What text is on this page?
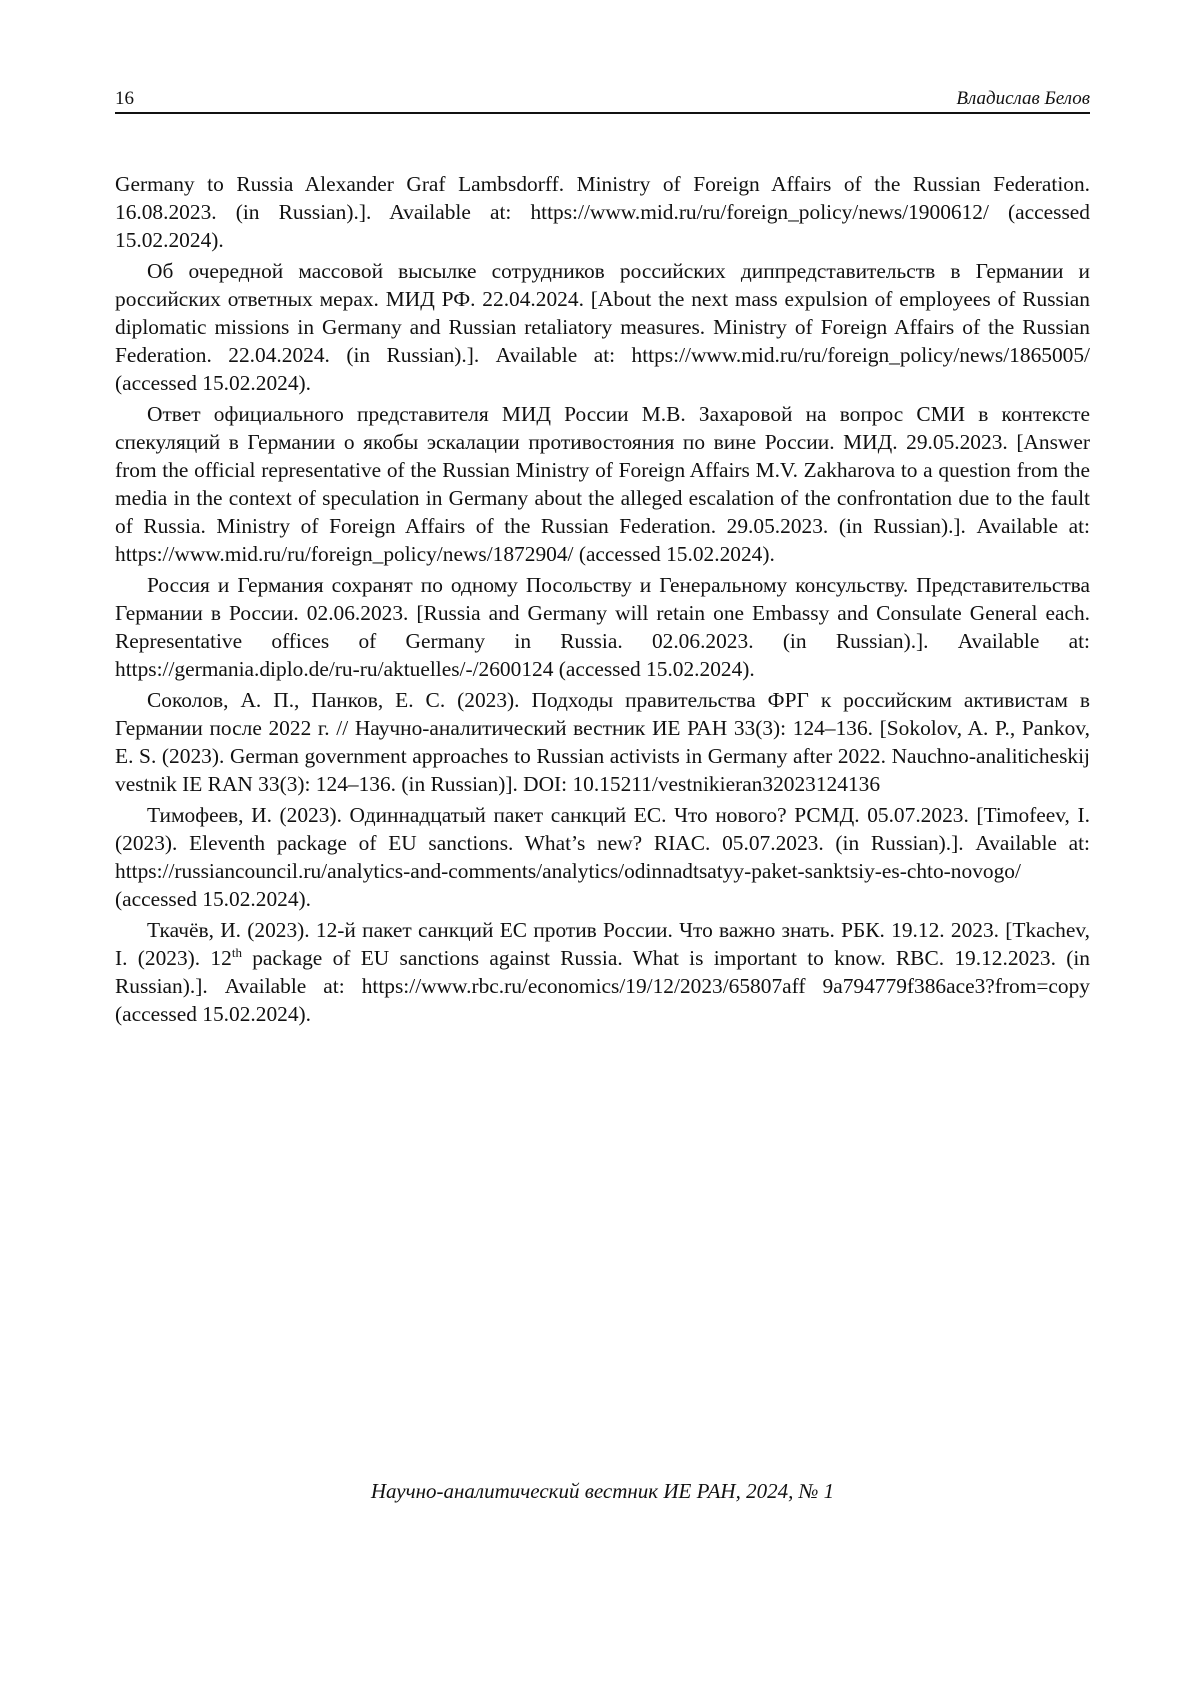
16	Владислав Белов

Germany to Russia Alexander Graf Lambsdorff. Ministry of Foreign Affairs of the Russian Federation. 16.08.2023. (in Russian).]. Available at: https://www.mid.ru/ru/foreign_policy/news/1900612/ (accessed 15.02.2024).

Об очередной массовой высылке сотрудников российских диппредставительств в Германии и российских ответных мерах. МИД РФ. 22.04.2024. [About the next mass expulsion of employees of Russian diplomatic missions in Germany and Russian retaliatory measures. Ministry of Foreign Affairs of the Russian Federation. 22.04.2024. (in Russian).]. Available at: https://www.mid.ru/ru/foreign_policy/news/1865005/ (accessed 15.02.2024).

Ответ официального представителя МИД России М.В. Захаровой на вопрос СМИ в контексте спекуляций в Германии о якобы эскалации противостояния по вине России. МИД. 29.05.2023. [Answer from the official representative of the Russian Ministry of Foreign Affairs M.V. Zakharova to a question from the media in the context of speculation in Germany about the alleged escalation of the confrontation due to the fault of Russia. Ministry of Foreign Affairs of the Russian Federation. 29.05.2023. (in Russian).]. Available at: https://www.mid.ru/ru/foreign_policy/news/1872904/ (accessed 15.02.2024).

Россия и Германия сохранят по одному Посольству и Генеральному консульству. Представительства Германии в России. 02.06.2023. [Russia and Germany will retain one Embassy and Consulate General each. Representative offices of Germany in Russia. 02.06.2023. (in Russian).]. Available at: https://germania.diplo.de/ru-ru/aktuelles/-/2600124 (accessed 15.02.2024).

Соколов, А. П., Панков, Е. С. (2023). Подходы правительства ФРГ к российским активистам в Германии после 2022 г. // Научно-аналитический вестник ИЕ РАН 33(3): 124–136. [Sokolov, A. P., Pankov, E. S. (2023). German government approaches to Russian activists in Germany after 2022. Nauchno-analiticheskij vestnik IE RAN 33(3): 124–136. (in Russian)]. DOI: 10.15211/vestnikieran32023124136

Тимофеев, И. (2023). Одиннадцатый пакет санкций ЕС. Что нового? РСМД. 05.07.2023. [Timofeev, I. (2023). Eleventh package of EU sanctions. What’s new? RIAC. 05.07.2023. (in Russian).]. Available at: https://russiancouncil.ru/analytics-and-comments/analytics/odinnadtsatyy-paket-sanktsiy-es-chto-novogo/ (accessed 15.02.2024).

Ткачёв, И. (2023). 12-й пакет санкций ЕС против России. Что важно знать. РБК. 19.12. 2023. [Tkachev, I. (2023). 12th package of EU sanctions against Russia. What is important to know. RBC. 19.12.2023. (in Russian).]. Available at: https://www.rbc.ru/economics/19/12/2023/65807aff 9a794779f386ace3?from=copy (accessed 15.02.2024).

Научно-аналитический вестник ИЕ РАН, 2024, № 1
